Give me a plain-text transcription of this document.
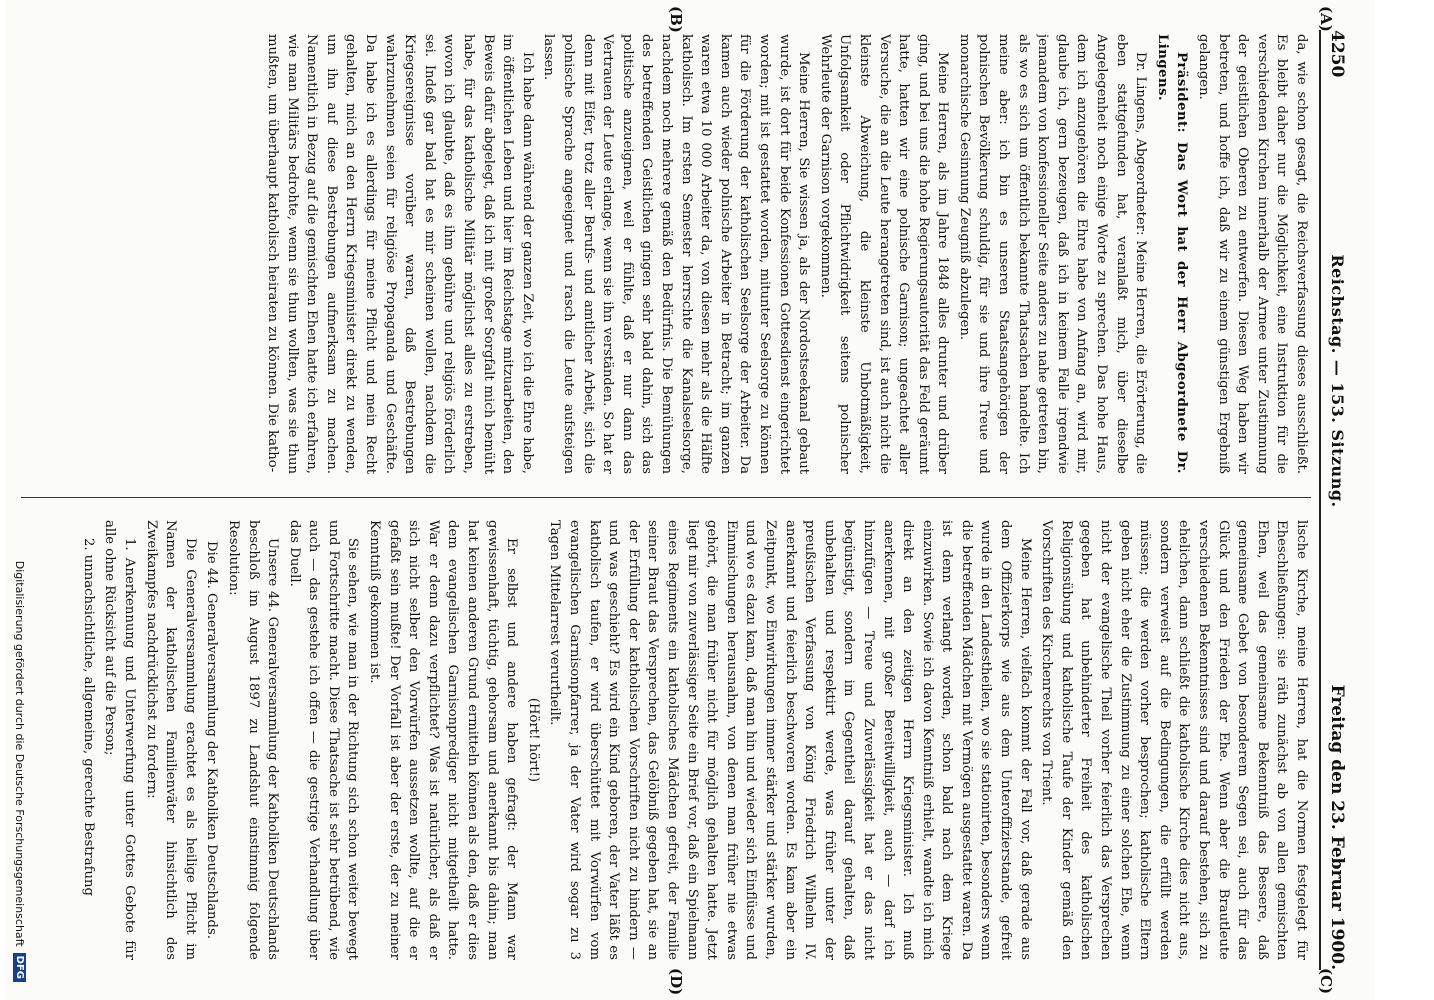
4250
Reichstag. — 153. Sitzung.
Freitag den 23. Februar 1900.
(A)
(B)
(C)
(D)

da, wie schon gesagt, die Reichsverfassung dieses ausschließt. Es bleibt daher nur die Möglichkeit, eine Instruktion für die verschiedenen Kirchen innerhalb der Armee unter Zustimmung der geistlichen Oberen zu entwerfen. Diesen Weg haben wir betreten, und hoffe ich, daß wir zu einem günstigen Ergebniß gelangen.

Präsident: Das Wort hat der Herr Abgeordnete Dr. Lingens.

Dr. Lingens, Abgeordneter: Meine Herren, die Erörterung, die eben stattgefunden hat, veranlaßt mich, über dieselbe Angelegenheit noch einige Worte zu sprechen. Das hohe Haus, dem ich anzugehören die Ehre habe von Anfang an, wird mir, glaube ich, gern bezeugen, daß ich in keinem Falle irgendwie jemandem von konfessioneller Seite anders zu nahe getreten bin, als wo es sich um öffentlich bekannte Thatsachen handelte. Ich meine aber: ich bin es unseren Staatsangehörigen der polnischen Bevölkerung schuldig, für sie und ihre Treue und monarchische Gesinnung Zeugniß abzulegen.

Meine Herren, als im Jahre 1848 alles drunter und drüber ging, und bei uns die hohe Regierungsautorität das Feld geräumt hatte, hatten wir eine polnische Garnison; ungeachtet aller Versuche, die an die Leute herangetreten sind, ist auch nicht die kleinste Abweichung, die kleinste Unbotmäßigkeit, Unfolgsamkeit oder Pflichtwidrigkeit seitens polnischer Wehrleute der Garnison vorgekommen.

Meine Herren, Sie wissen ja, als der Nordostseekanal gebaut wurde, ist dort für beide Konfessionen Gottesdienst eingerichtet worden; mit ist gestattet worden, mitunter Seelsorge zu können für die Förderung der katholischen Seelsorge der Arbeiter. Da kamen auch wieder polnische Arbeiter in Betracht; im ganzen waren etwa 10 000 Arbeiter da, von diesen mehr als die Hälfte katholisch. Im ersten Semester herrschte die Kanalseelsorge, nachdem noch mehrere gemäß den Bedürfnis. Die Bemühungen des betreffenden Geistlichen gingen sehr bald dahin, sich das politische anzueignen, weil er fühlte, daß er nur dann das Vertrauen der Leute erlange, wenn sie ihn verständen. So hat er denn mit Eifer, trotz aller Berufs- und amtlicher Arbeit, sich die polnische Sprache angeeignet und rasch die Leute aufsteigen lassen.

Ich habe dann während der ganzen Zeit, wo ich die Ehre habe, im öffentlichen Leben und hier im Reichstage mitzuarbeiten, den Beweis dafür abgelegt, daß ich mit großer Sorgfalt mich bemüht habe, für das katholische Militär möglichst alles zu erstreben, wovon ich glaubte, daß es ihm gebühre und religiös förderlich sei. Indeß gar bald hat es mir scheinen wollen, nachdem die Kriegsereignisse vorüber waren, daß Bestrebungen wahrzunehmen seien für religiöse Propaganda und Geschäfte. Da habe ich es allerdings für meine Pflicht und mein Recht gehalten, mich an den Herrn Kriegsminister direkt zu wenden, um ihn auf diese Bestrebungen aufmerksam zu machen. Namentlich in Bezug auf die gemischten Ehen hatte ich erfahren, wie man Militärs bedrohte, wenn sie thun wollten, was sie thun mußten, um überhaupt katholisch heiraten zu können. Die katho-

lische Kirche, meine Herren, hat die Normen festgelegt für Eheschließungen: sie räth zunächst ab von allen gemischten Ehen, weil das gemeinsame Bekenntniß das Bessere, daß gemeinsame Gebet von besonderem Segen sei, auch für das Glück und den Frieden der Ehe. Wenn aber die Brautleute verschiedenen Bekenntnisses sind und darauf bestehen, sich zu ehelichen, dann schließt die katholische Kirche dies nicht aus, sondern verweist auf die Bedingungen, die erfüllt werden müssen; die werden vorher besprochen; katholische Eltern geben nicht eher die Zustimmung zu einer solchen Ehe, wenn nicht der evangelische Theil vorher feierlich das Versprechen gegeben hat unbehinderter Freiheit des katholischen Religionsübung und katholische Taufe der Kinder gemäß den Vorschriften des Kirchenrechts von Trient.

Meine Herren, vielfach kommt der Fall vor, daß gerade aus dem Offizierkorps wie aus dem Unteroffizierstande, gefreit wurde in den Landestheilen, wo sie stationirten, besonders wenn die betreffenden Mädchen mit Vermögen ausgestattet waren. Da ist denn verlangt worden, schon bald nach dem Kriege einzuwirken. Sowie ich davon Kenntniß erhielt, wandte ich mich direkt an den zeitigen Herrn Kriegsminister. Ich muß anerkennen, mit großer Bereitwilligkeit, auch — darf ich hinzufügen — Treue und Zuverlässigkeit hat er das nicht begünstigt, sondern im Gegentheil darauf gehalten, daß unbehalten und respektirt werde, was früher unter der preußischen Verfassung von König Friedrich Wilhelm IV. anerkannt und feierlich beschworen worden. Es kam aber ein Zeitpunkt, wo Einwirkungen immer stärker und stärker wurden, und wo es dazu kam, daß man hin und wieder sich Einflüsse und Einmischungen herausnahm, von denen man früher nie etwas gehört, die man früher nicht für möglich gehalten hatte. Jetzt liegt mir von zuverlässiger Seite ein Brief vor, daß ein Spielmann eines Regiments ein katholisches Mädchen gefreit, der Familie seiner Braut das Versprechen, das Gelöbniß gegeben hat, sie an der Erfüllung der katholischen Vorschriften nicht zu hindern — und was geschieht? Es wird ein Kind geboren, der Vater läßt es katholisch taufen, er wird überschüttet mit Vorwürfen vom evangelischen Garnisonpfarrer, ja der Vater wird sogar zu 3 Tagen Mittelarrest verurtheilt.

(Hört! hört!)

Er selbst und andere haben gefragt: der Mann war gewissenhaft, tüchtig, gehorsam und anerkannt bis dahin; man hat keinen anderen Grund ermitteln können als den, daß er dies dem evangelischen Garnisonprediger nicht mitgetheilt hatte. War er denn dazu verpflichtet? Was ist natürlicher, als daß er sich nicht selber den Vorwürfen aussetzen wollte, auf die er gefaßt sein mußte! Der Vorfall ist aber der erste, der zu meiner Kenntniß gekommen ist.

Sie sehen, wie man in der Richtung sich schon weiter bewegt und Fortschritte macht. Diese Thatsache ist sehr betrübend, wie auch — das gestehe ich offen — die gestrige Verhandlung über das Duell.

Unsere 44. Generalversammlung der Katholiken Deutschlands beschloß im August 1897 zu Landshut einstimmig folgende Resolution:

Die 44. Generalversammlung der Katholiken Deutschlands.

Die Generalversammlung erachtet es als heilige Pflicht im Namen der katholischen Familienväter hinsichtlich des Zweikampfes nachdrücklichst zu fordern:

1. Anerkennung und Unterwerfung unter Gottes Gebote für alle ohne Rücksicht auf die Person;

2. unnachsichtliche, allgemeine, gerechte Bestrafung

Digitalisierung gefördert durch die Deutsche Forschungsgemeinschaft
DFG
